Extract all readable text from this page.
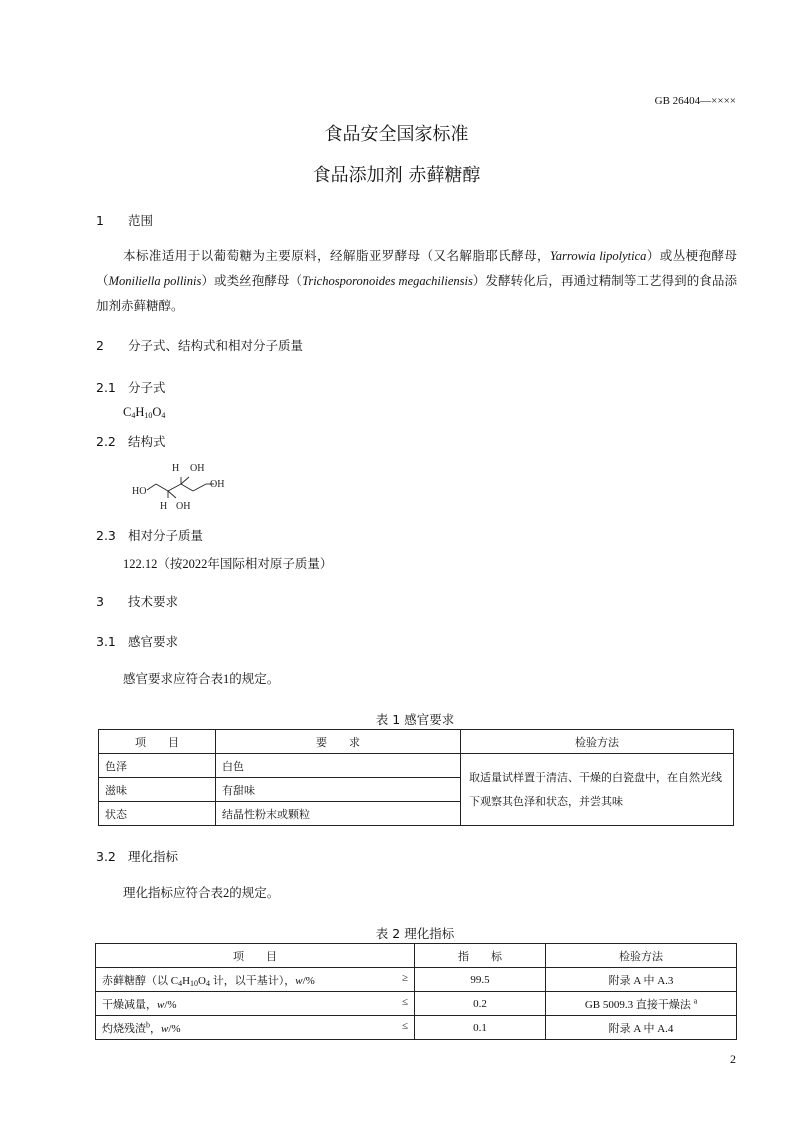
GB 26404—××××
食品安全国家标准
食品添加剂 赤藓糖醇
1 范围
本标准适用于以葡萄糖为主要原料，经解脂亚罗酵母（又名解脂耶氏酵母，Yarrowia lipolytica）或丛梗孢酵母（Moniliella pollinis）或类丝孢酵母（Trichosporonoides megachiliensis）发酵转化后，再通过精制等工艺得到的食品添加剂赤藓糖醇。
2 分子式、结构式和相对分子质量
2.1 分子式
$C_4H_{10}O_4$
2.2 结构式
H OH
OH
HO
H OH
2.3 相对分子质量
122.12（按2022年国际相对原子质量）
3 技术要求
3.1 感官要求
感官要求应符合表1的规定。
表 1 感官要求
项　　目	要　　求	检验方法
色泽	白色	取适量试样置于清洁、干燥的白瓷盘中，在自然光线下观察其色泽和状态，并尝其味
滋味	有甜味	
状态	结晶性粉末或颗粒	
3.2 理化指标
理化指标应符合表2的规定。
表 2 理化指标
项　　目	指　　标	检验方法
赤藓糖醇（以 $C_4H_{10}O_4$ 计，以干基计），w/% ≥	99.5	附录 A 中 A.3
干燥减量，w/% ≤	0.2	GB 5009.3 直接干燥法 $^a$
灼烧残渣$^b$，w/% ≤	0.1	附录 A 中 A.4
2
